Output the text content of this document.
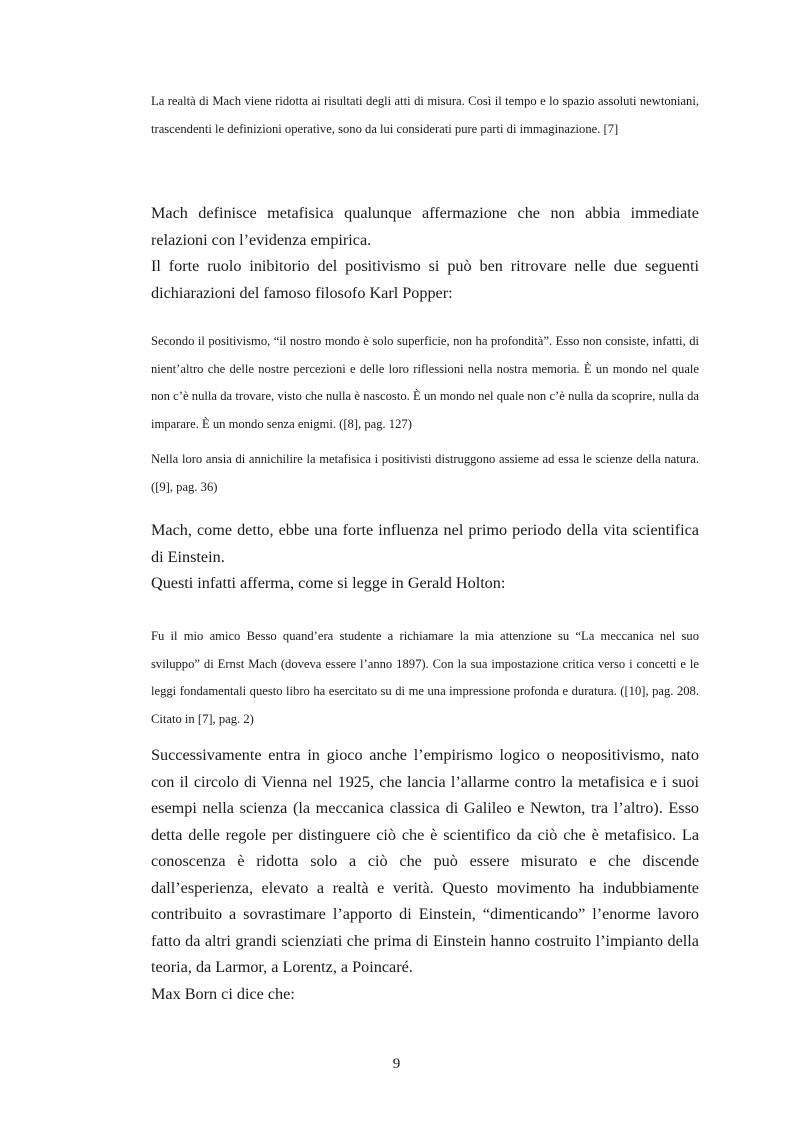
La realtà di Mach viene ridotta ai risultati degli atti di misura. Così il tempo e lo spazio assoluti newtoniani, trascendenti le definizioni operative, sono da lui considerati pure parti di immaginazione. [7]

Mach definisce metafisica qualunque affermazione che non abbia immediate relazioni con l’evidenza empirica.

Il forte ruolo inibitorio del positivismo si può ben ritrovare nelle due seguenti dichiarazioni del famoso filosofo Karl Popper:

Secondo il positivismo, “il nostro mondo è solo superficie, non ha profondità”. Esso non consiste, infatti, di nient’altro che delle nostre percezioni e delle loro riflessioni nella nostra memoria. È un mondo nel quale non c’è nulla da trovare, visto che nulla è nascosto. È un mondo nel quale non c’è nulla da scoprire, nulla da imparare. È un mondo senza enigmi. ([8], pag. 127)

Nella loro ansia di annichilire la metafisica i positivisti distruggono assieme ad essa le scienze della natura. ([9], pag. 36)

Mach, come detto, ebbe una forte influenza nel primo periodo della vita scientifica di Einstein.

Questi infatti afferma, come si legge in Gerald Holton:

Fu il mio amico Besso quand’era studente a richiamare la mia attenzione su “La meccanica nel suo sviluppo” di Ernst Mach (doveva essere l’anno 1897). Con la sua impostazione critica verso i concetti e le leggi fondamentali questo libro ha esercitato su di me una impressione profonda e duratura. ([10], pag. 208. Citato in [7], pag. 2)

Successivamente entra in gioco anche l’empirismo logico o neopositivismo, nato con il circolo di Vienna nel 1925, che lancia l’allarme contro la metafisica e i suoi esempi nella scienza (la meccanica classica di Galileo e Newton, tra l’altro). Esso detta delle regole per distinguere ciò che è scientifico da ciò che è metafisico. La conoscenza è ridotta solo a ciò che può essere misurato e che discende dall’esperienza, elevato a realtà e verità. Questo movimento ha indubbiamente contribuito a sovrastimare l’apporto di Einstein, “dimenticando” l’enorme lavoro fatto da altri grandi scienziati che prima di Einstein hanno costruito l’impianto della teoria, da Larmor, a Lorentz, a Poincaré.

Max Born ci dice che:

9
